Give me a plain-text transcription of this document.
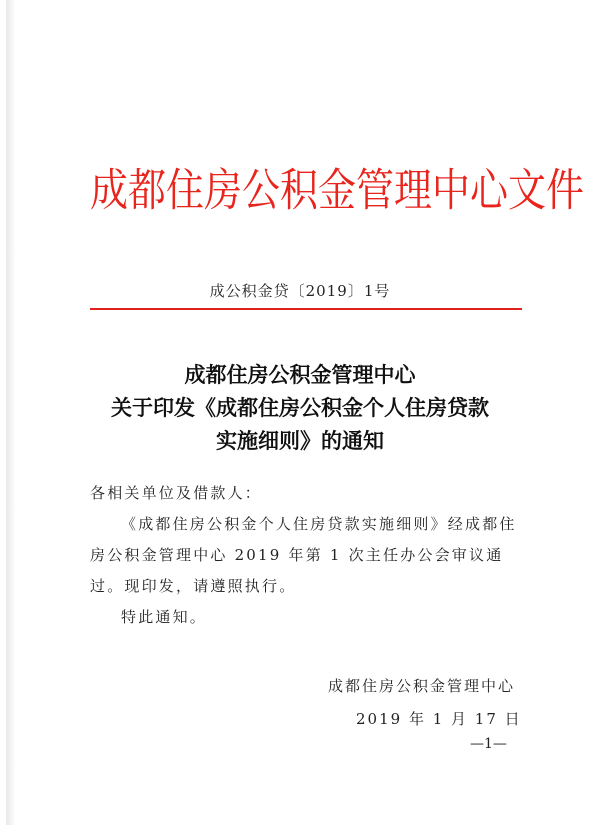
成都住房公积金管理中心文件
成公积金贷〔2019〕1号
成都住房公积金管理中心
关于印发《成都住房公积金个人住房贷款
实施细则》的通知

各相关单位及借款人：

《成都住房公积金个人住房贷款实施细则》经成都住房公积金管理中心 2019 年第 1 次主任办公会审议通过。现印发，请遵照执行。

特此通知。

成都住房公积金管理中心
2019 年 1 月 17 日
—1—
